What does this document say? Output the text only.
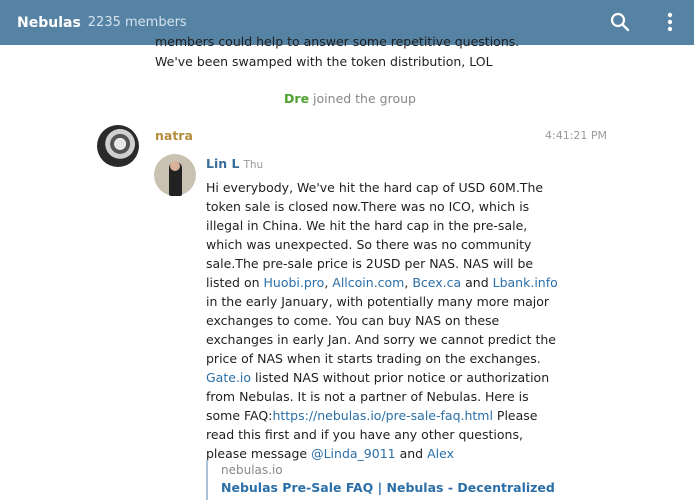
Nebulas 2235 members
members could help to answer some repetitive questions.
We've been swamped with the token distribution, LOL
Dre joined the group
natra	4:41:21 PM
Lin L Thu
Hi everybody, We've hit the hard cap of USD 60M.The
token sale is closed now.There was no ICO, which is
illegal in China. We hit the hard cap in the pre-sale,
which was unexpected. So there was no community
sale.The pre-sale price is 2USD per NAS. NAS will be
listed on Huobi.pro, Allcoin.com, Bcex.ca and Lbank.info
in the early January, with potentially many more major
exchanges to come. You can buy NAS on these
exchanges in early Jan. And sorry we cannot predict the
price of NAS when it starts trading on the exchanges.
Gate.io listed NAS without prior notice or authorization
from Nebulas. It is not a partner of Nebulas. Here is
some FAQ:https://nebulas.io/pre-sale-faq.html Please
read this first and if you have any other questions,
please message @Linda_9011 and Alex
nebulas.io
Nebulas Pre-Sale FAQ | Nebulas - Decentralized
